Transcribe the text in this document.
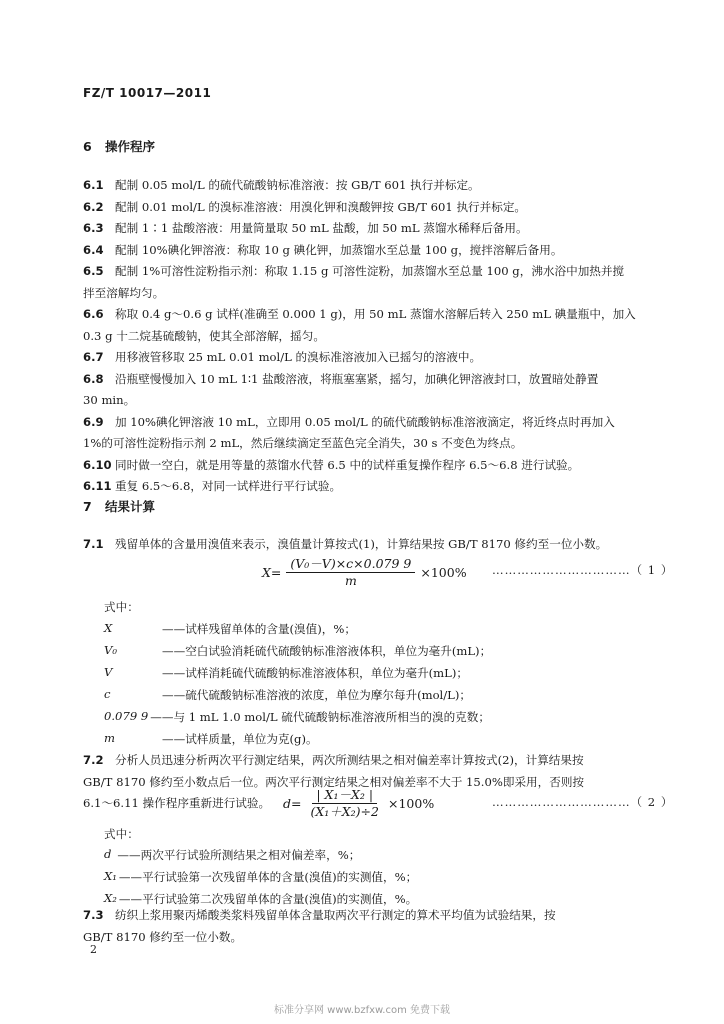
FZ/T 10017—2011
6 操作程序
6.1 配制 0.05 mol/L 的硫代硫酸钠标准溶液：按 GB/T 601 执行并标定。
6.2 配制 0.01 mol/L 的溴标准溶液：用溴化钾和溴酸钾按 GB/T 601 执行并标定。
6.3 配制 1∶1 盐酸溶液：用量筒量取 50 mL 盐酸，加 50 mL 蒸馏水稀释后备用。
6.4 配制 10%碘化钾溶液：称取 10 g 碘化钾，加蒸馏水至总量 100 g，搅拌溶解后备用。
6.5 配制 1%可溶性淀粉指示剂：称取 1.15 g 可溶性淀粉，加蒸馏水至总量 100 g，沸水浴中加热并搅
拌至溶解均匀。
6.6 称取 0.4 g～0.6 g 试样(准确至 0.000 1 g)，用 50 mL 蒸馏水溶解后转入 250 mL 碘量瓶中，加入
0.3 g 十二烷基硫酸钠，使其全部溶解，摇匀。
6.7 用移液管移取 25 mL 0.01 mol/L 的溴标准溶液加入已摇匀的溶液中。
6.8 沿瓶壁慢慢加入 10 mL 1∶1 盐酸溶液，将瓶塞塞紧，摇匀，加碘化钾溶液封口，放置暗处静置
30 min。
6.9 加 10%碘化钾溶液 10 mL，立即用 0.05 mol/L 的硫代硫酸钠标准溶液滴定，将近终点时再加入
1%的可溶性淀粉指示剂 2 mL，然后继续滴定至蓝色完全消失，30 s 不变色为终点。
6.10 同时做一空白，就是用等量的蒸馏水代替 6.5 中的试样重复操作程序 6.5～6.8 进行试验。
6.11 重复 6.5～6.8，对同一试样进行平行试验。
7 结果计算
7.1 残留单体的含量用溴值来表示，溴值量计算按式(1)，计算结果按 GB/T 8170 修约至一位小数。
$X= \frac{\text{(V₀－V)×c×0.079 9}}{m} \times 100\%$ ……………………………（ 1 ）
式中：
X	——试样残留单体的含量(溴值)，%；
V₀	——空白试验消耗硫代硫酸钠标准溶液体积，单位为毫升(mL)；
V	——试样消耗硫代硫酸钠标准溶液体积，单位为毫升(mL)；
c	——硫代硫酸钠标准溶液的浓度，单位为摩尔每升(mol/L)；
0.079 9 ——与 1 mL 1.0 mol/L 硫代硫酸钠标准溶液所相当的溴的克数；
m	——试样质量，单位为克(g)。
7.2 分析人员迅速分析两次平行测定结果，两次所测结果之相对偏差率计算按式(2)，计算结果按
GB/T 8170 修约至小数点后一位。两次平行测定结果之相对偏差率不大于 15.0%即采用，否则按
6.1～6.11 操作程序重新进行试验。	$d= \frac{\text{| X₁－X₂ |}}{\text{(X₁＋X₂)÷2}} \times 100\%$	……………………………（ 2 ）
式中：
d ——两次平行试验所测结果之相对偏差率，%；
X₁ ——平行试验第一次残留单体的含量(溴值)的实测值，%；
X₂ ——平行试验第二次残留单体的含量(溴值)的实测值，%。
7.3 纺织上浆用聚丙烯酸类浆料残留单体含量取两次平行测定的算术平均值为试验结果，按
GB/T 8170 修约至一位小数。
2
标准分享网 www.bzfxw.com 免费下载
